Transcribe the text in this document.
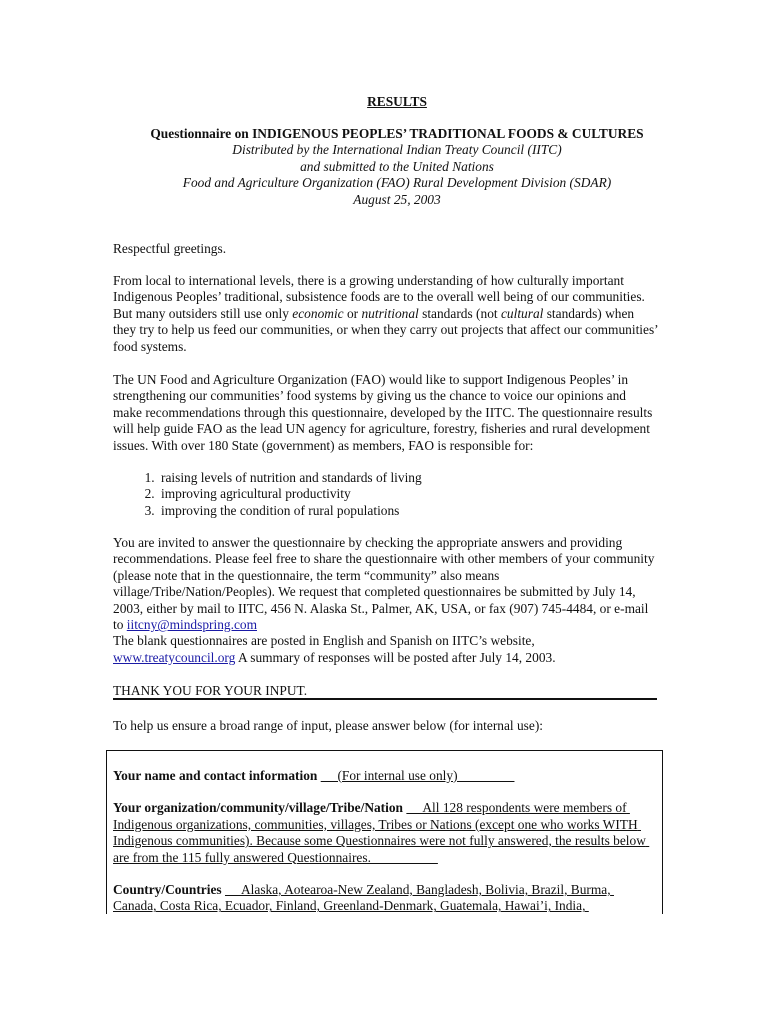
RESULTS

Questionnaire on INDIGENOUS PEOPLES’ TRADITIONAL FOODS & CULTURES
Distributed by the International Indian Treaty Council (IITC)
and submitted to the United Nations
Food and Agriculture Organization (FAO) Rural Development Division (SDAR)
August 25, 2003

Respectful greetings.

From local to international levels, there is a growing understanding of how culturally important Indigenous Peoples’ traditional, subsistence foods are to the overall well being of our communities. But many outsiders still use only economic or nutritional standards (not cultural standards) when they try to help us feed our communities, or when they carry out projects that affect our communities’ food systems.

The UN Food and Agriculture Organization (FAO) would like to support Indigenous Peoples’ in strengthening our communities’ food systems by giving us the chance to voice our opinions and make recommendations through this questionnaire, developed by the IITC. The questionnaire results will help guide FAO as the lead UN agency for agriculture, forestry, fisheries and rural development issues. With over 180 State (government) as members, FAO is responsible for:

1. raising levels of nutrition and standards of living
2. improving agricultural productivity
3. improving the condition of rural populations

You are invited to answer the questionnaire by checking the appropriate answers and providing recommendations. Please feel free to share the questionnaire with other members of your community (please note that in the questionnaire, the term “community” also means village/Tribe/Nation/Peoples). We request that completed questionnaires be submitted by July 14, 2003, either by mail to IITC, 456 N. Alaska St., Palmer, AK, USA, or fax (907) 745-4484, or e-mail to iitcny@mindspring.com
The blank questionnaires are posted in English and Spanish on IITC’s website,
www.treatycouncil.org A summary of responses will be posted after July 14, 2003.

THANK YOU FOR YOUR INPUT.

To help us ensure a broad range of input, please answer below (for internal use):

Your name and contact information      (For internal use only)

Your organization/community/village/Tribe/Nation      All 128 respondents were members of Indigenous organizations, communities, villages, Tribes or Nations (except one who works WITH Indigenous communities). Because some Questionnaires were not fully answered, the results below are from the 115 fully answered Questionnaires.

Country/Countries      Alaska, Aotearoa-New Zealand, Bangladesh, Bolivia, Brazil, Burma, Canada, Costa Rica, Ecuador, Finland, Greenland-Denmark, Guatemala, Hawai’i, India,
